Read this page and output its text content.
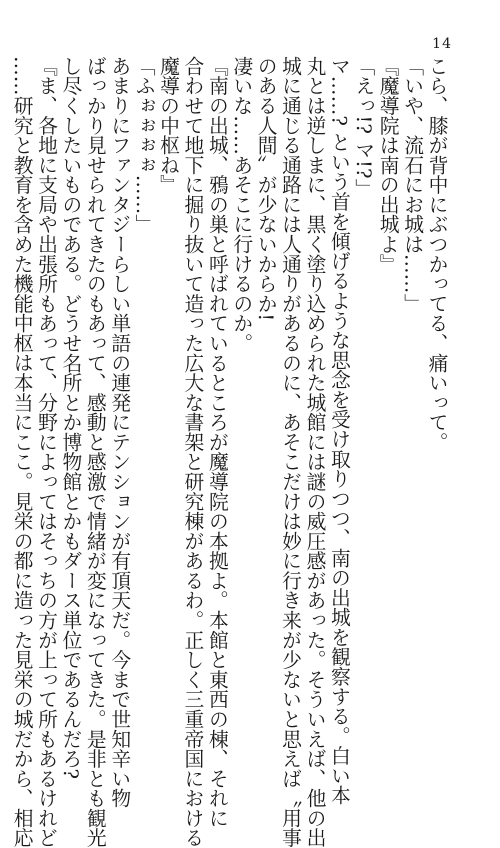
14
こら、膝が背中にぶつかってる、痛いって。
「いや、流石にお城は……」
『魔導院は南の出城よ』
「えっ!? マ!?」
マ……? という首を傾げるような思念を受け取りつつ、南の出城を観察する。白い本
丸とは逆しまに、黒く塗り込められた城館には謎の威圧感があった。そういえば、他の出
城に通じる通路には人通りがあるのに、あそこだけは妙に行き来が少ないと思えば〝用事
のある人間〟が少ないからか!
凄いな……あそこに行けるのか。
『南の出城、鴉の巣と呼ばれているところが魔導院の本拠よ。本館と東西の棟、それに
合わせて地下に掘り抜いて造った広大な書架と研究棟があるわ。正しく三重帝国における
魔導の中枢ね』
「ふぉぉぉぉ……」
あまりにファンタジーらしい単語の連発にテンションが有頂天だ。今まで世知辛い物
ばっかり見せられてきたのもあって、感動と感激で情緒が変になってきた。是非とも観光
し尽くしたいものである。どうせ名所とか博物館とかもダース単位であるんだろ?
『ま、各地に支局や出張所もあって、分野によってはそっちの方が上って所もあるけれど
……研究と教育を含めた機能中枢は本当にここ。見栄の都に造った見栄の城だから、相応
